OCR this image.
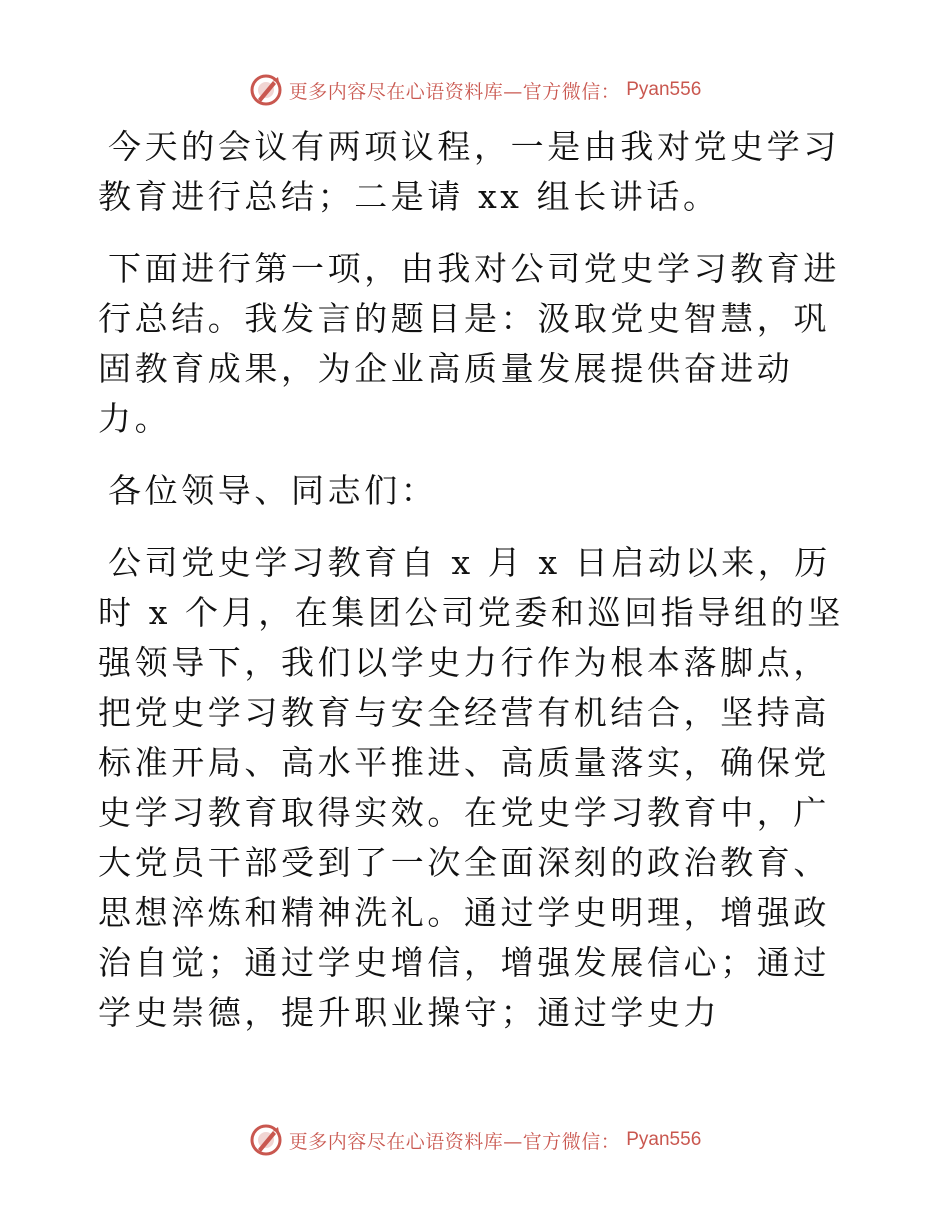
更多内容尽在心语资料库—官方微信： Pyan556

今天的会议有两项议程，一是由我对党史学习教育进行总结；二是请 xx 组长讲话。

下面进行第一项，由我对公司党史学习教育进行总结。我发言的题目是：汲取党史智慧，巩固教育成果，为企业高质量发展提供奋进动力。

各位领导、同志们：

公司党史学习教育自 x 月 x 日启动以来，历时 x 个月，在集团公司党委和巡回指导组的坚强领导下，我们以学史力行作为根本落脚点，把党史学习教育与安全经营有机结合，坚持高标准开局、高水平推进、高质量落实，确保党史学习教育取得实效。在党史学习教育中，广大党员干部受到了一次全面深刻的政治教育、思想淬炼和精神洗礼。通过学史明理，增强政治自觉；通过学史增信，增强发展信心；通过学史崇德，提升职业操守；通过学史力

更多内容尽在心语资料库—官方微信： Pyan556
